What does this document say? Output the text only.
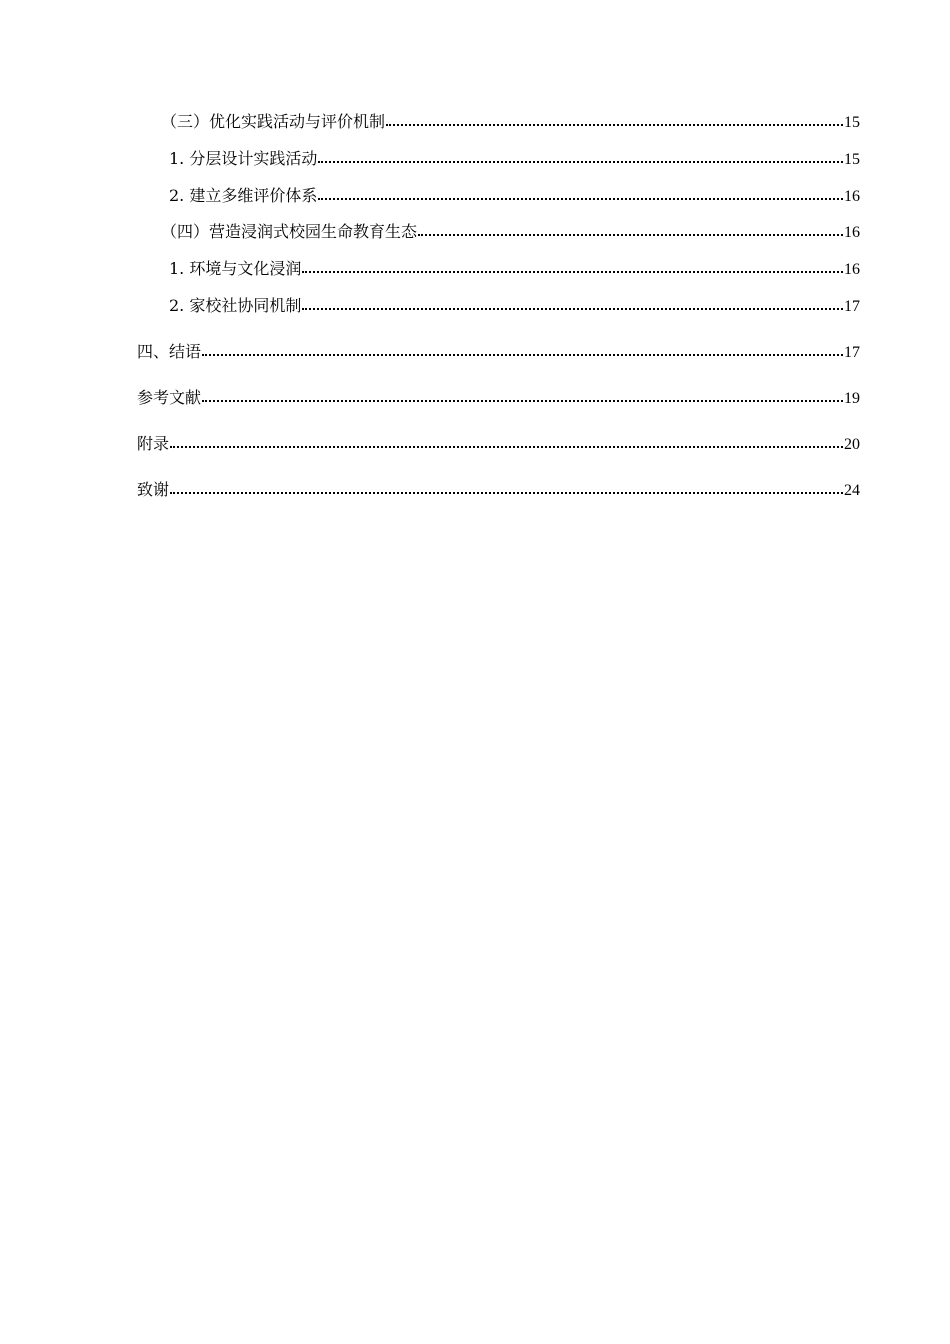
（三）优化实践活动与评价机制	15
1. 分层设计实践活动	15
2. 建立多维评价体系	16
（四）营造浸润式校园生命教育生态	16
1. 环境与文化浸润	16
2. 家校社协同机制	17
四、结语	17
参考文献	19
附录	20
致谢	24
